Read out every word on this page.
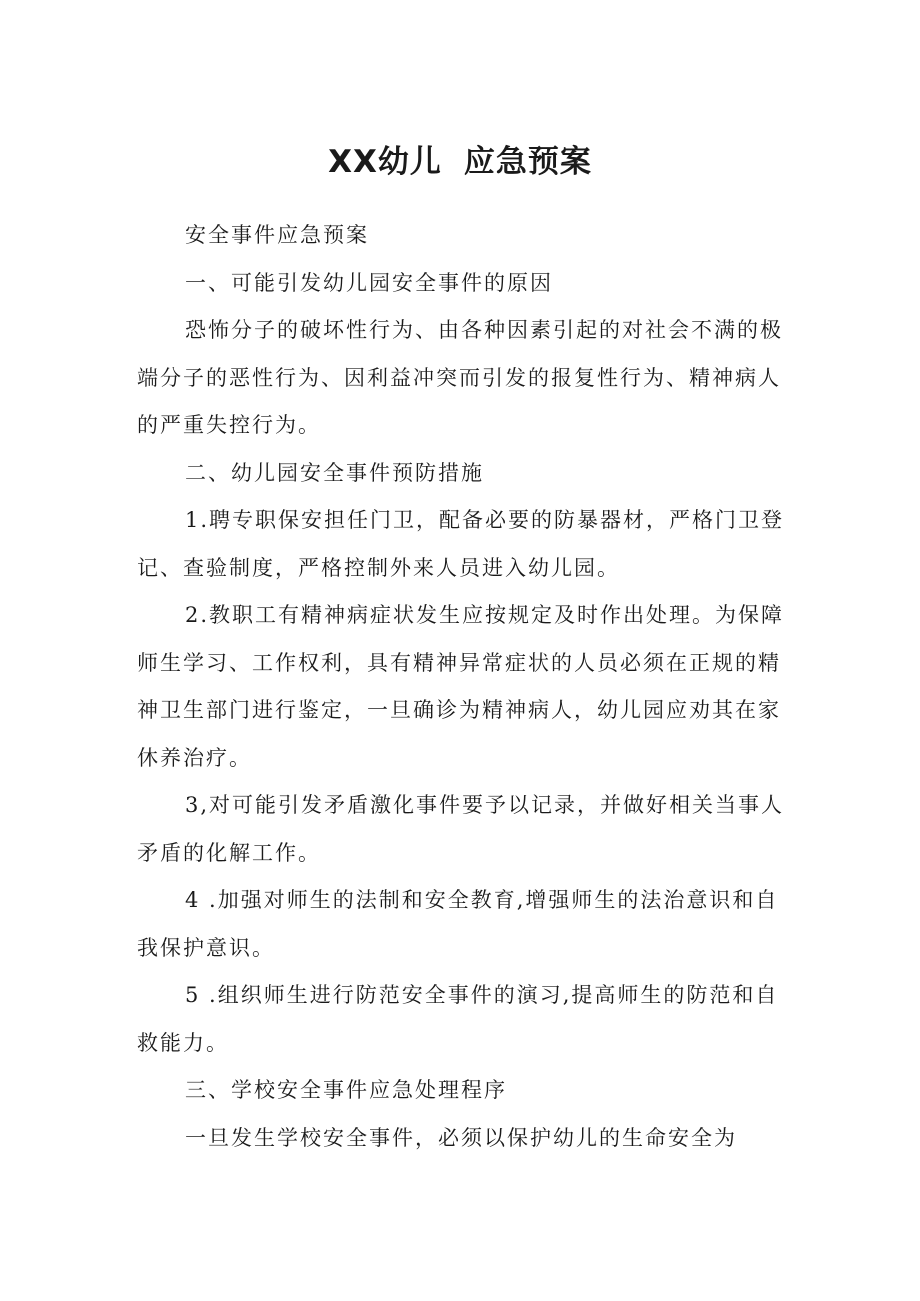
XX幼儿 应急预案

安全事件应急预案

一、可能引发幼儿园安全事件的原因

恐怖分子的破坏性行为、由各种因素引起的对社会不满的极
端分子的恶性行为、因利益冲突而引发的报复性行为、精神病人
的严重失控行为。

二、幼儿园安全事件预防措施

1.聘专职保安担任门卫，配备必要的防暴器材，严格门卫登
记、查验制度，严格控制外来人员进入幼儿园。

2.教职工有精神病症状发生应按规定及时作出处理。为保障
师生学习、工作权利，具有精神异常症状的人员必须在正规的精
神卫生部门进行鉴定，一旦确诊为精神病人，幼儿园应劝其在家
休养治疗。

3,对可能引发矛盾激化事件要予以记录，并做好相关当事人
矛盾的化解工作。

4 .加强对师生的法制和安全教育,增强师生的法治意识和自
我保护意识。

5 .组织师生进行防范安全事件的演习,提高师生的防范和自
救能力。

三、学校安全事件应急处理程序

一旦发生学校安全事件，必须以保护幼儿的生命安全为
